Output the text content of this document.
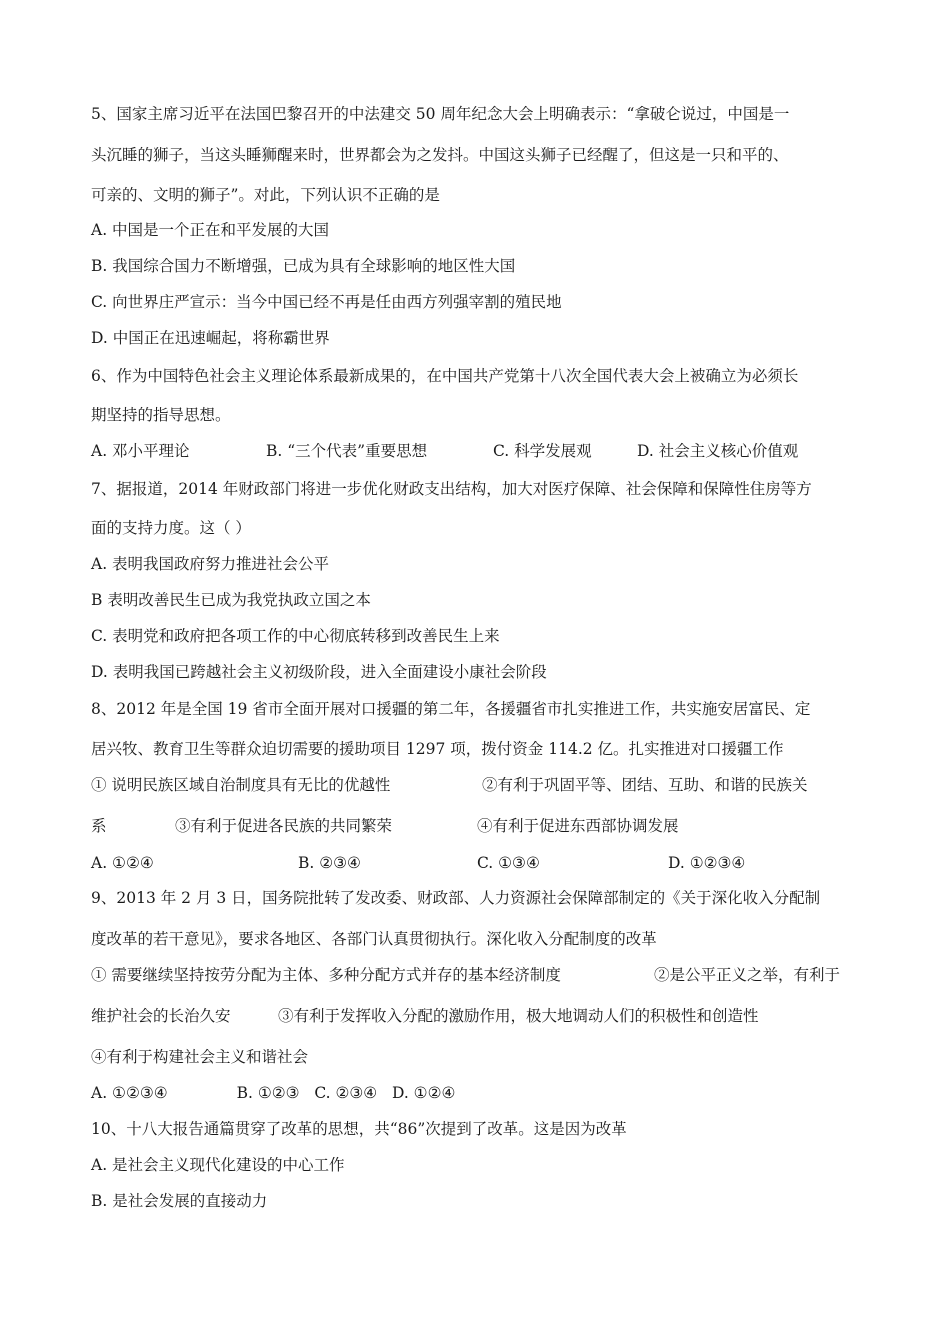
5、国家主席习近平在法国巴黎召开的中法建交 50 周年纪念大会上明确表示：“拿破仑说过，中国是一
头沉睡的狮子，当这头睡狮醒来时，世界都会为之发抖。中国这头狮子已经醒了，但这是一只和平的、
可亲的、文明的狮子”。对此，下列认识不正确的是
A. 中国是一个正在和平发展的大国
B. 我国综合国力不断增强，已成为具有全球影响的地区性大国
C. 向世界庄严宣示：当今中国已经不再是任由西方列强宰割的殖民地
D. 中国正在迅速崛起，将称霸世界
6、作为中国特色社会主义理论体系最新成果的，在中国共产党第十八次全国代表大会上被确立为必须长
期坚持的指导思想。
A. 邓小平理论	B. “三个代表”重要思想	C. 科学发展观	D. 社会主义核心价值观
7、据报道，2014 年财政部门将进一步优化财政支出结构，加大对医疗保障、社会保障和保障性住房等方
面的支持力度。这（ ）
A. 表明我国政府努力推进社会公平
B 表明改善民生已成为我党执政立国之本
C. 表明党和政府把各项工作的中心彻底转移到改善民生上来
D. 表明我国已跨越社会主义初级阶段，进入全面建设小康社会阶段
8、2012 年是全国 19 省市全面开展对口援疆的第二年，各援疆省市扎实推进工作，共实施安居富民、定
居兴牧、教育卫生等群众迫切需要的援助项目 1297 项，拨付资金 114.2 亿。扎实推进对口援疆工作
① 说明民族区域自治制度具有无比的优越性	②有利于巩固平等、团结、互助、和谐的民族关
系	③有利于促进各民族的共同繁荣	④有利于促进东西部协调发展
A. ①②④	B. ②③④	C. ①③④	D. ①②③④
9、2013 年 2 月 3 日，国务院批转了发改委、财政部、人力资源社会保障部制定的《关于深化收入分配制
度改革的若干意见》，要求各地区、各部门认真贯彻执行。深化收入分配制度的改革
① 需要继续坚持按劳分配为主体、多种分配方式并存的基本经济制度	②是公平正义之举，有利于
维护社会的长治久安	③有利于发挥收入分配的激励作用，极大地调动人们的积极性和创造性
④有利于构建社会主义和谐社会
A. ①②③④              B. ①②③   C. ②③④   D. ①②④
10、十八大报告通篇贯穿了改革的思想，共“86”次提到了改革。这是因为改革
A. 是社会主义现代化建设的中心工作
B. 是社会发展的直接动力
